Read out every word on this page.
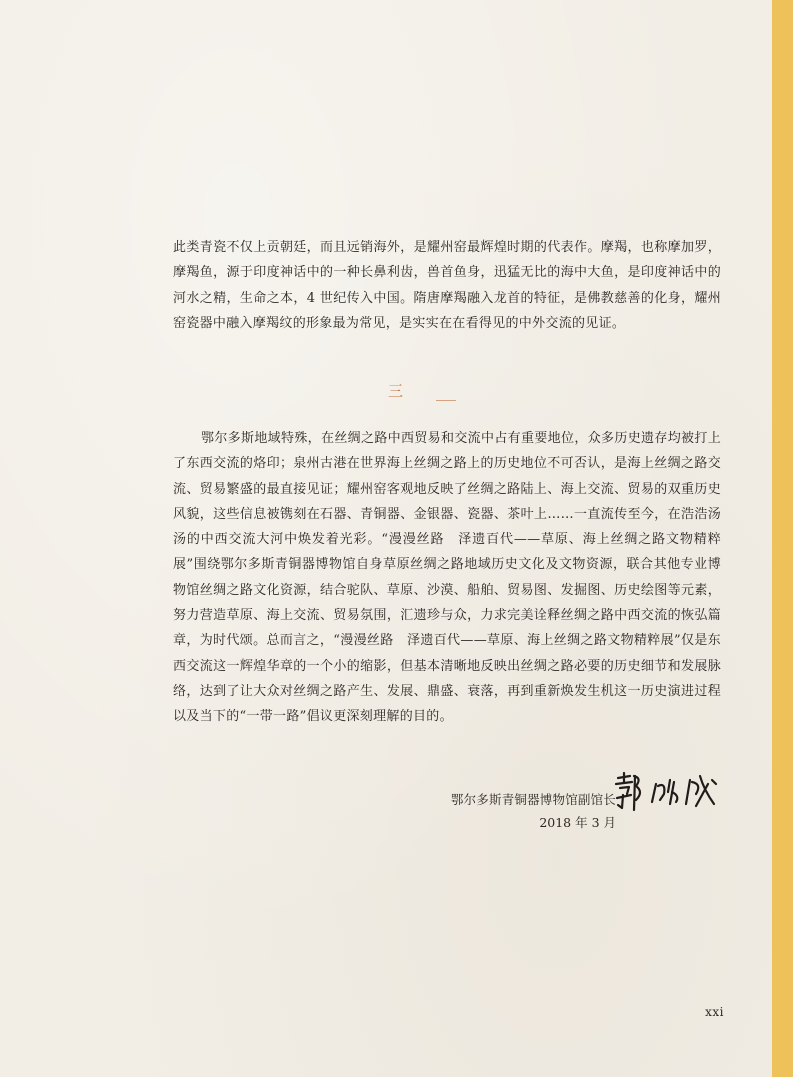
此类青瓷不仅上贡朝廷，而且远销海外，是耀州窑最辉煌时期的代表作。摩羯，也称摩加罗，摩羯鱼，源于印度神话中的一种长鼻利齿，兽首鱼身，迅猛无比的海中大鱼，是印度神话中的河水之精，生命之本，4 世纪传入中国。隋唐摩羯融入龙首的特征，是佛教慈善的化身，耀州窑瓷器中融入摩羯纹的形象最为常见，是实实在在看得见的中外交流的见证。

三

鄂尔多斯地域特殊，在丝绸之路中西贸易和交流中占有重要地位，众多历史遗存均被打上了东西交流的烙印；泉州古港在世界海上丝绸之路上的历史地位不可否认，是海上丝绸之路交流、贸易繁盛的最直接见证；耀州窑客观地反映了丝绸之路陆上、海上交流、贸易的双重历史风貌，这些信息被镌刻在石器、青铜器、金银器、瓷器、茶叶上……一直流传至今，在浩浩汤汤的中西交流大河中焕发着光彩。“漫漫丝路　泽遗百代——草原、海上丝绸之路文物精粹展”围绕鄂尔多斯青铜器博物馆自身草原丝绸之路地域历史文化及文物资源，联合其他专业博物馆丝绸之路文化资源，结合驼队、草原、沙漠、船舶、贸易图、发掘图、历史绘图等元素，努力营造草原、海上交流、贸易氛围，汇遗珍与众，力求完美诠释丝绸之路中西交流的恢弘篇章，为时代颂。总而言之，“漫漫丝路　泽遗百代——草原、海上丝绸之路文物精粹展”仅是东西交流这一辉煌华章的一个小的缩影，但基本清晰地反映出丝绸之路必要的历史细节和发展脉络，达到了让大众对丝绸之路产生、发展、鼎盛、衰落，再到重新焕发生机这一历史演进过程以及当下的“一带一路”倡议更深刻理解的目的。

鄂尔多斯青铜器博物馆副馆长
2018 年 3 月
xxi
